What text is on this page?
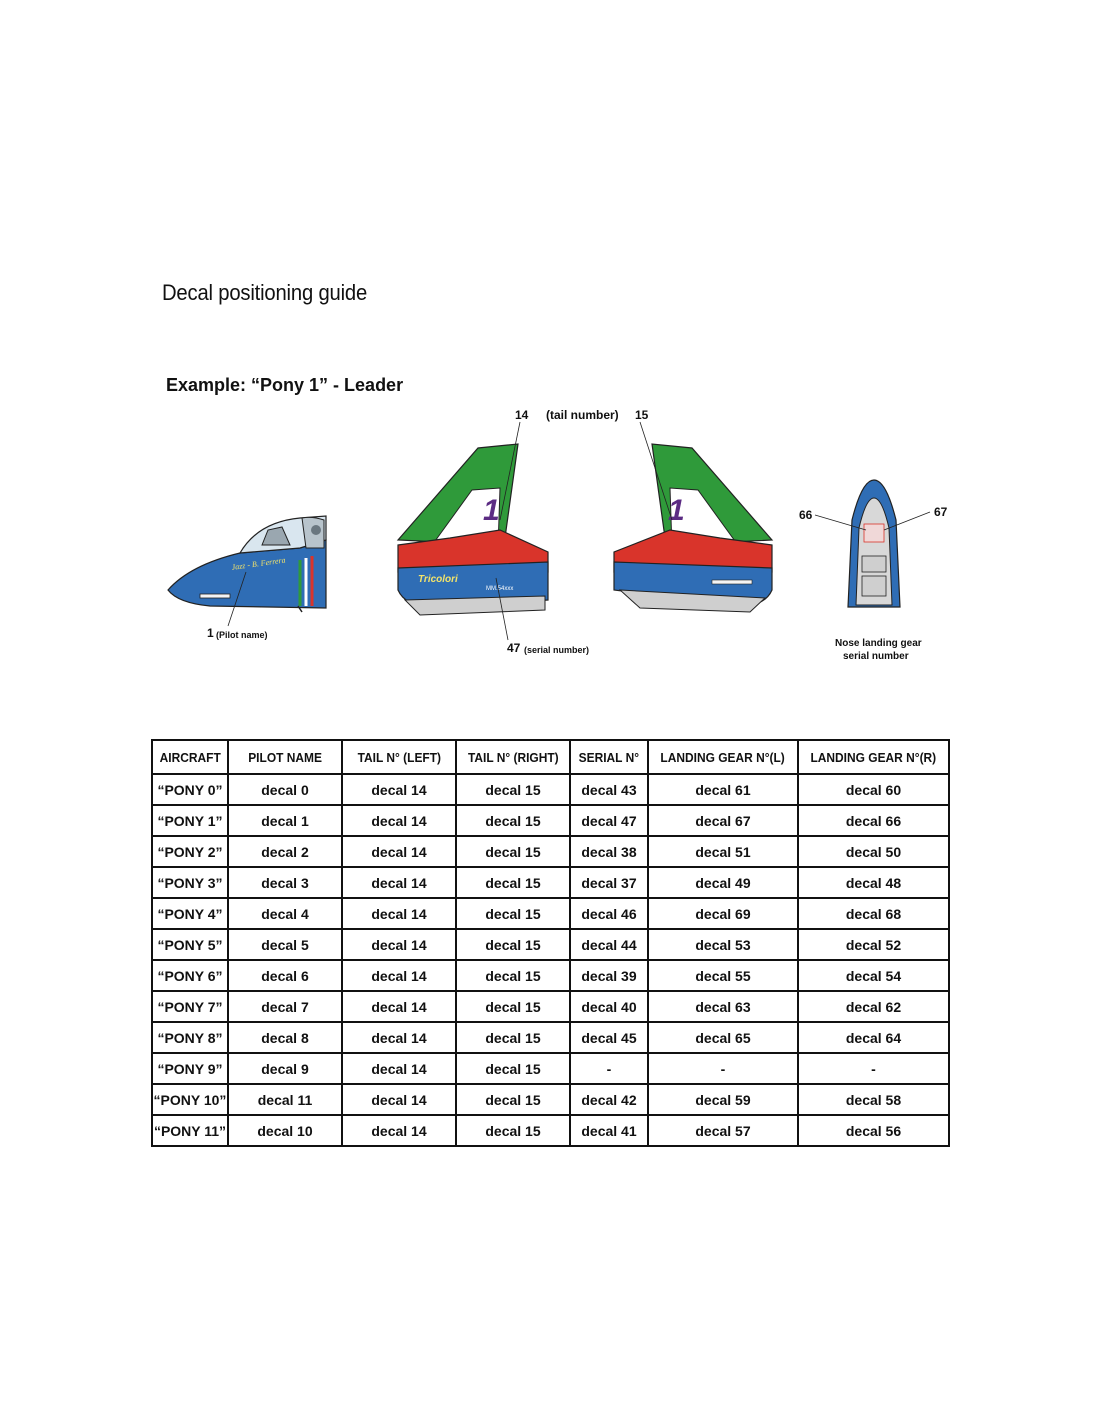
Decal positioning guide
Example: “Pony 1” - Leader
14 (tail number) 15
1 (Pilot name)
47 (serial number)
66	67
Nose landing gear
serial number
Jazz - B. Ferrera
1
Tricolori
MM.54xxx
1
AIRCRAFT	PILOT NAME	TAIL N° (LEFT)	TAIL N° (RIGHT)	SERIAL N°	LANDING GEAR N°(L)	LANDING GEAR N°(R)
“PONY 0”	decal 0	decal 14	decal 15	decal 43	decal 61	decal 60
“PONY 1”	decal 1	decal 14	decal 15	decal 47	decal 67	decal 66
“PONY 2”	decal 2	decal 14	decal 15	decal 38	decal 51	decal 50
“PONY 3”	decal 3	decal 14	decal 15	decal 37	decal 49	decal 48
“PONY 4”	decal 4	decal 14	decal 15	decal 46	decal 69	decal 68
“PONY 5”	decal 5	decal 14	decal 15	decal 44	decal 53	decal 52
“PONY 6”	decal 6	decal 14	decal 15	decal 39	decal 55	decal 54
“PONY 7”	decal 7	decal 14	decal 15	decal 40	decal 63	decal 62
“PONY 8”	decal 8	decal 14	decal 15	decal 45	decal 65	decal 64
“PONY 9”	decal 9	decal 14	decal 15	-	-	-
“PONY 10”	decal 11	decal 14	decal 15	decal 42	decal 59	decal 58
“PONY 11”	decal 10	decal 14	decal 15	decal 41	decal 57	decal 56
